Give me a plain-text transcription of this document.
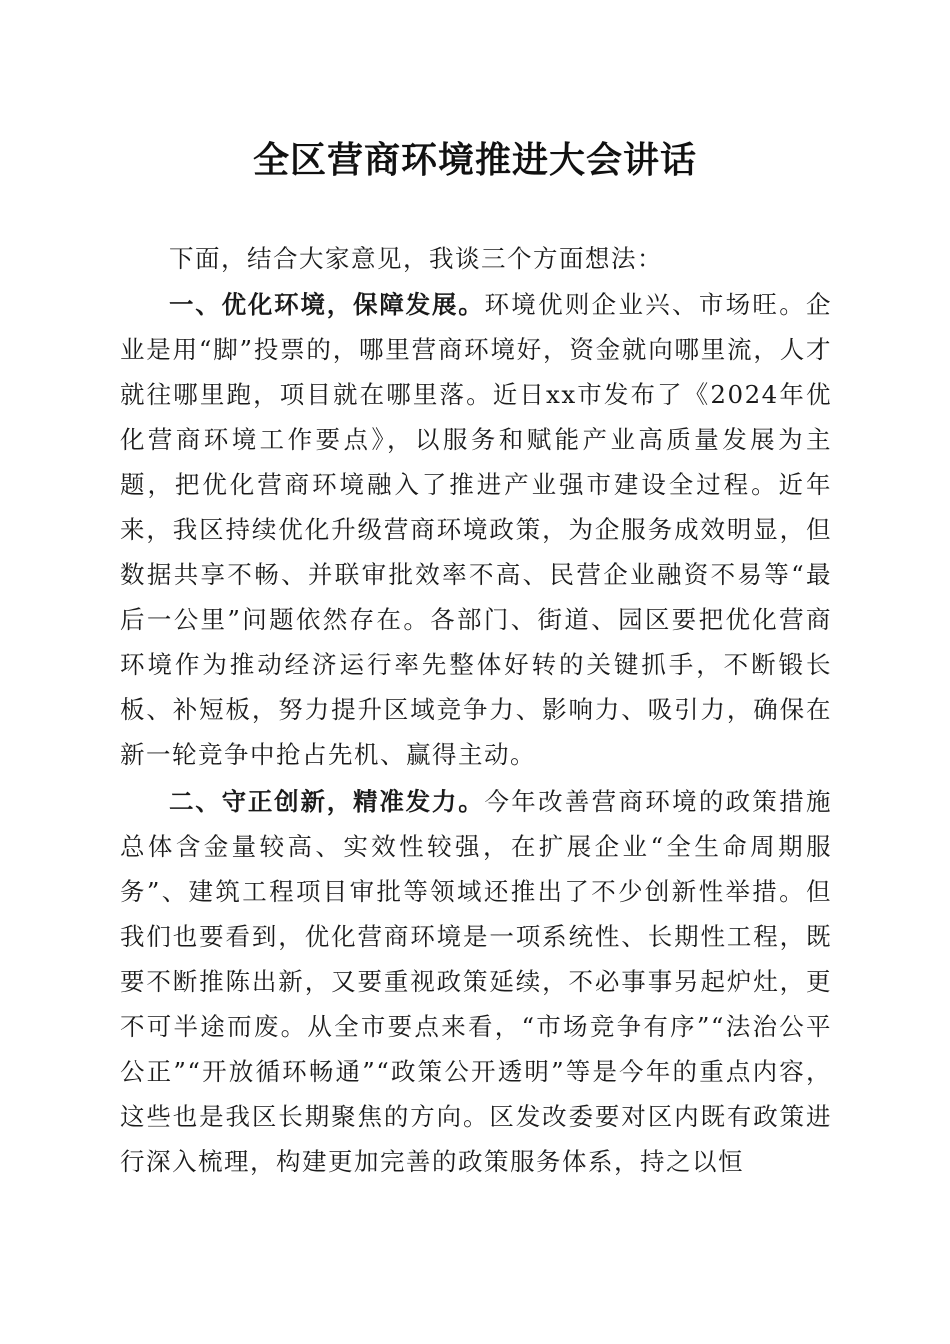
全区营商环境推进大会讲话

下面，结合大家意见，我谈三个方面想法：

一、优化环境，保障发展。环境优则企业兴、市场旺。企业是用“脚”投票的，哪里营商环境好，资金就向哪里流，人才就往哪里跑，项目就在哪里落。近日xx市发布了《2024年优化营商环境工作要点》，以服务和赋能产业高质量发展为主题，把优化营商环境融入了推进产业强市建设全过程。近年来，我区持续优化升级营商环境政策，为企服务成效明显，但数据共享不畅、并联审批效率不高、民营企业融资不易等“最后一公里”问题依然存在。各部门、街道、园区要把优化营商环境作为推动经济运行率先整体好转的关键抓手，不断锻长板、补短板，努力提升区域竞争力、影响力、吸引力，确保在新一轮竞争中抢占先机、赢得主动。

二、守正创新，精准发力。今年改善营商环境的政策措施总体含金量较高、实效性较强，在扩展企业“全生命周期服务”、建筑工程项目审批等领域还推出了不少创新性举措。但我们也要看到，优化营商环境是一项系统性、长期性工程，既要不断推陈出新，又要重视政策延续，不必事事另起炉灶，更不可半途而废。从全市要点来看，“市场竞争有序”“法治公平公正”“开放循环畅通”“政策公开透明”等是今年的重点内容，这些也是我区长期聚焦的方向。区发改委要对区内既有政策进行深入梳理，构建更加完善的政策服务体系，持之以恒
